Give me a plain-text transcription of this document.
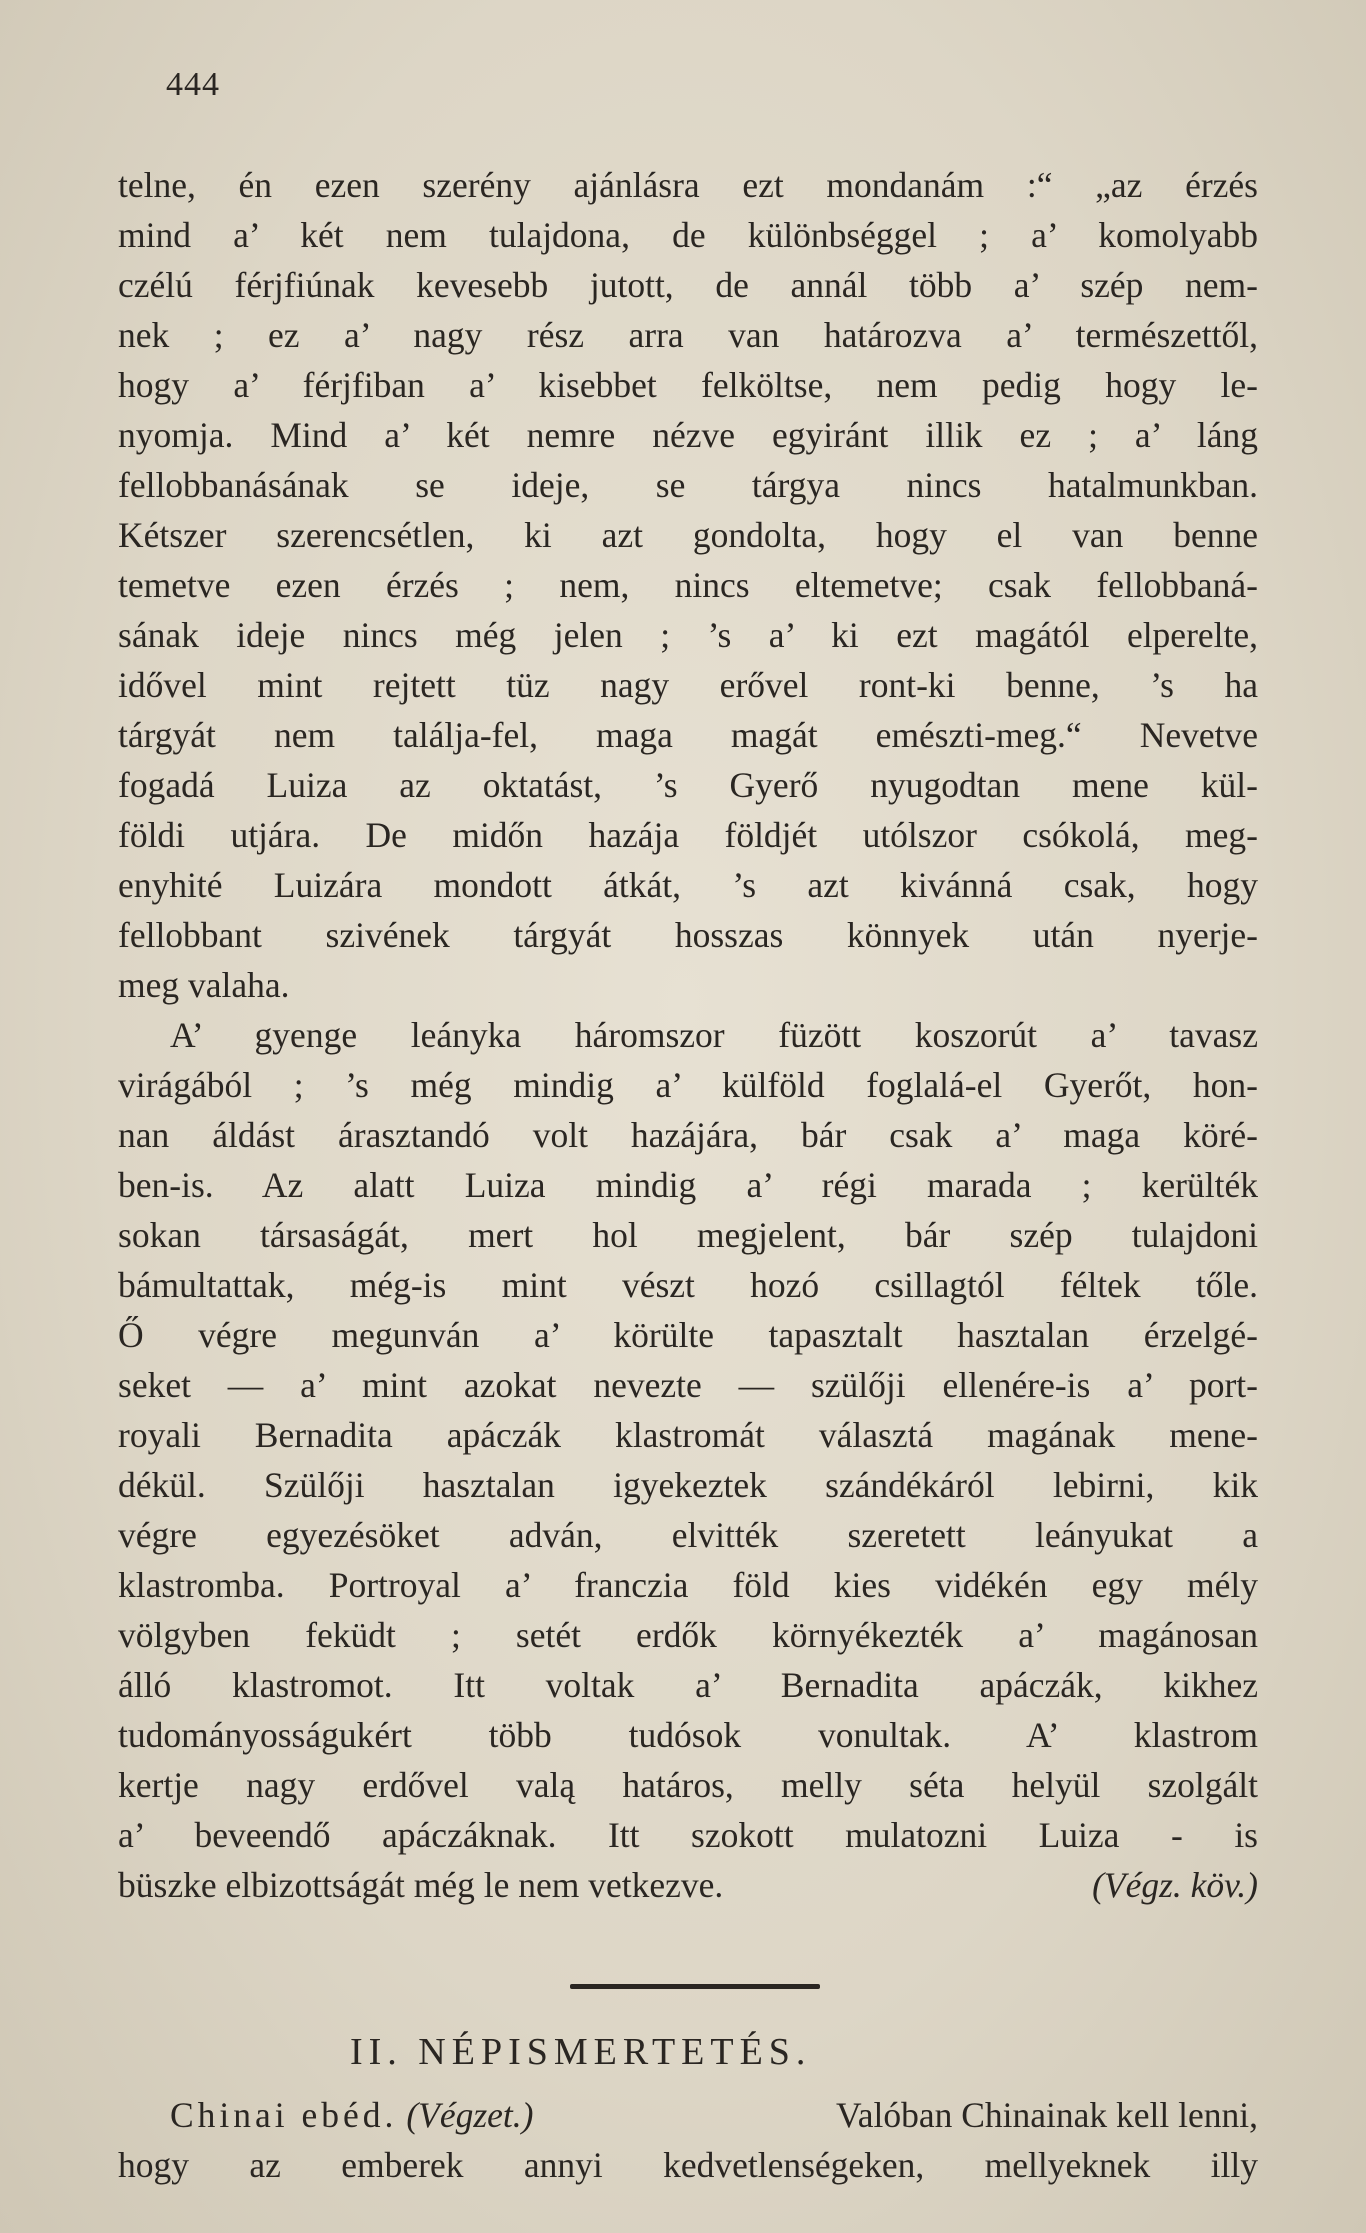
444
telne, én ezen szerény ajánlásra ezt mondanám :“ „az érzés
mind a’ két nem tulajdona, de különbséggel ; a’ komolyabb
czélú férjfiúnak kevesebb jutott, de annál több a’ szép nem-
nek ; ez a’ nagy rész arra van határozva a’ természettől,
hogy a’ férjfiban a’ kisebbet felköltse, nem pedig hogy le-
nyomja. Mind a’ két nemre nézve egyiránt illik ez ; a’ láng
fellobbanásának se ideje, se tárgya nincs hatalmunkban.
Kétszer szerencsétlen, ki azt gondolta, hogy el van benne
temetve ezen érzés ; nem, nincs eltemetve; csak fellobbaná-
sának ideje nincs még jelen ; ’s a’ ki ezt magától elperelte,
idővel mint rejtett tüz nagy erővel ront-ki benne, ’s ha
tárgyát nem találja-fel, maga magát emészti-meg.“ Nevetve
fogadá Luiza az oktatást, ’s Gyerő nyugodtan mene kül-
földi utjára. De midőn hazája földjét utólszor csókolá, meg-
enyhité Luizára mondott átkát, ’s azt kivánná csak, hogy
fellobbant szivének tárgyát hosszas könnyek után nyerje-
meg valaha.
A’ gyenge leányka háromszor füzött koszorút a’ tavasz
virágából ; ’s még mindig a’ külföld foglalá-el Gyerőt, hon-
nan áldást árasztandó volt hazájára, bár csak a’ maga köré-
ben-is. Az alatt Luiza mindig a’ régi marada ; kerülték
sokan társaságát, mert hol megjelent, bár szép tulajdoni
bámultattak, még-is mint vészt hozó csillagtól féltek tőle.
Ő végre megunván a’ körülte tapasztalt hasztalan érzelgé-
seket — a’ mint azokat nevezte — szülőji ellenére-is a’ port-
royali Bernadita apáczák klastromát választá magának mene-
dékül. Szülőji hasztalan igyekeztek szándékáról lebirni, kik
végre egyezésöket adván, elvitték szeretett leányukat a
klastromba. Portroyal a’ franczia föld kies vidékén egy mély
völgyben feküdt ; setét erdők környékezték a’ magánosan
álló klastromot. Itt voltak a’ Bernadita apáczák, kikhez
tudományosságukért több tudósok vonultak. A’ klastrom
kertje nagy erdővel valą határos, melly séta helyül szolgált
a’ beveendő apáczáknak. Itt szokott mulatozni Luiza - is
büszke elbizottságát még le nem vetkezve.	(Végz. köv.)
II. NÉPISMERTETÉS.
Chinai ebéd. (Végzet.)	Valóban Chinainak kell lenni,
hogy az emberek annyi kedvetlenségeken, mellyeknek illy
